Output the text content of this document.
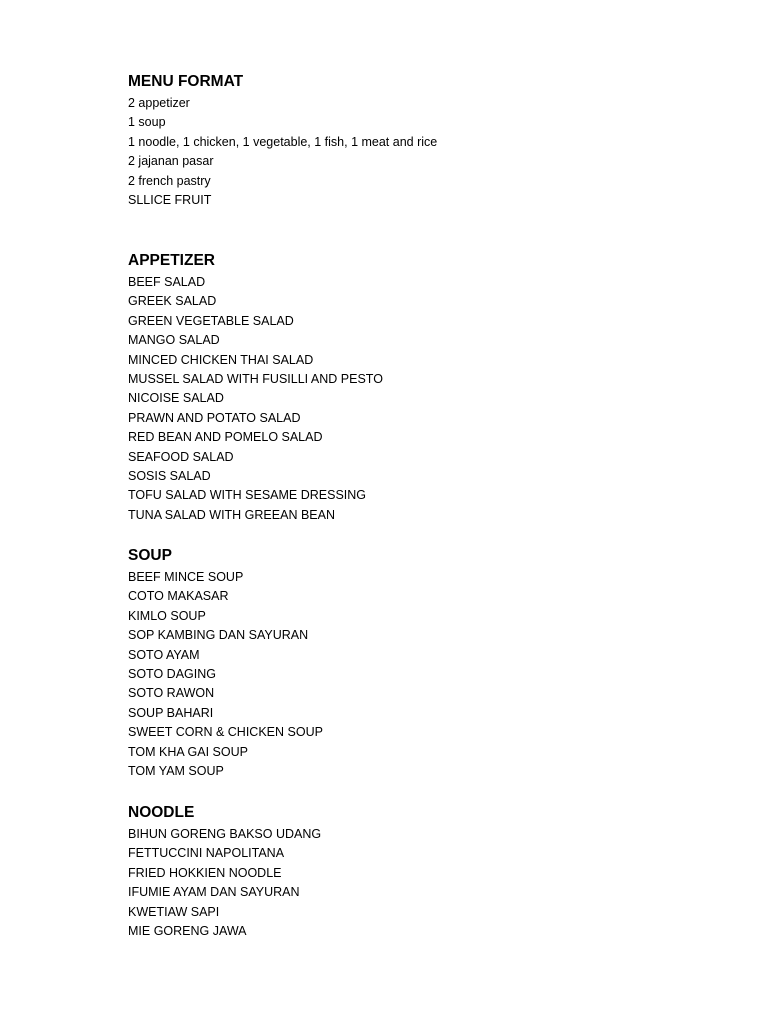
MENU FORMAT
2 appetizer
1 soup
1 noodle, 1 chicken, 1 vegetable, 1 fish, 1 meat and rice
2 jajanan pasar
2 french pastry
SLLICE FRUIT
APPETIZER
BEEF SALAD
GREEK SALAD
GREEN VEGETABLE SALAD
MANGO SALAD
MINCED CHICKEN THAI SALAD
MUSSEL SALAD WITH FUSILLI AND PESTO
NICOISE SALAD
PRAWN AND POTATO SALAD
RED BEAN AND POMELO SALAD
SEAFOOD SALAD
SOSIS SALAD
TOFU SALAD WITH SESAME DRESSING
TUNA SALAD WITH GREEAN BEAN
SOUP
BEEF MINCE SOUP
COTO MAKASAR
KIMLO SOUP
SOP KAMBING DAN SAYURAN
SOTO AYAM
SOTO DAGING
SOTO RAWON
SOUP BAHARI
SWEET CORN & CHICKEN SOUP
TOM KHA GAI SOUP
TOM YAM SOUP
NOODLE
BIHUN GORENG BAKSO UDANG
FETTUCCINI NAPOLITANA
FRIED HOKKIEN NOODLE
IFUMIE AYAM DAN SAYURAN
KWETIAW SAPI
MIE GORENG JAWA
